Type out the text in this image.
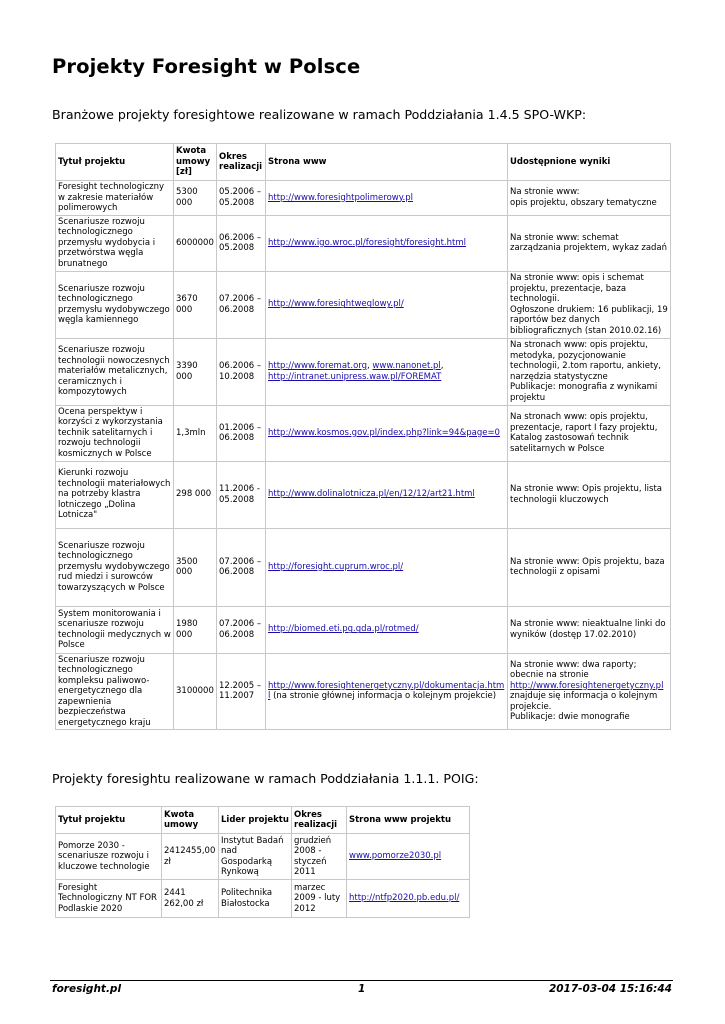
Projekty Foresight w Polsce
Branżowe projekty foresightowe realizowane w ramach Poddziałania 1.4.5 SPO-WKP:
Tytuł projektu	Kwota umowy [zł]	Okres realizacji	Strona www	Udostępnione wyniki
Foresight technologiczny w zakresie materiałów polimerowych	5300 000	05.2006 – 05.2008	http://www.foresightpolimerowy.pl	Na stronie www:
opis projektu, obszary tematyczne
Scenariusze rozwoju technologicznego przemysłu wydobycia i przetwórstwa węgla brunatnego	6000000	06.2006 – 05.2008	http://www.igo.wroc.pl/foresight/foresight.html	Na stronie www: schemat zarządzania projektem, wykaz zadań
Scenariusze rozwoju technologicznego przemysłu wydobywczego węgla kamiennego	3670 000	07.2006 – 06.2008	http://www.foresightweglowy.pl/	Na stronie www: opis i schemat projektu, prezentacje, baza technologii.
Ogłoszone drukiem: 16 publikacji, 19 raportów bez danych bibliograficznych (stan 2010.02.16)
Scenariusze rozwoju technologii nowoczesnych materiałów metalicznych, ceramicznych i kompozytowych	3390 000	06.2006 – 10.2008	http://www.foremat.org, www.nanonet.pl, http://intranet.unipress.waw.pl/FOREMAT	Na stronach www: opis projektu, metodyka, pozycjonowanie technologii, 2.tom raportu, ankiety, narzędzia statystyczne
Publikacje: monografia z wynikami projektu
Ocena perspektyw i korzyści z wykorzystania technik satelitarnych i rozwoju technologii kosmicznych w Polsce	1,3mln	01.2006 – 06.2008	http://www.kosmos.gov.pl/index.php?link=94&page=0	Na stronach www: opis projektu, prezentacje, raport I fazy projektu, Katalog zastosowań technik satelitarnych w Polsce
Kierunki rozwoju technologii materiałowych na potrzeby klastra lotniczego „Dolina Lotnicza"	298 000	11.2006 - 05.2008	http://www.dolinalotnicza.pl/en/12/12/art21.html	Na stronie www: Opis projektu, lista technologii kluczowych
Scenariusze rozwoju technologicznego przemysłu wydobywczego rud miedzi i surowców towarzyszących w Polsce	3500 000	07.2006 – 06.2008	http://foresight.cuprum.wroc.pl/	Na stronie www: Opis projektu, baza technologii z opisami
System monitorowania i scenariusze rozwoju technologii medycznych w Polsce	1980 000	07.2006 – 06.2008	http://biomed.eti.pg.gda.pl/rotmed/	Na stronie www: nieaktualne linki do wyników (dostęp 17.02.2010)
Scenariusze rozwoju technologicznego kompleksu paliwowo-energetycznego dla zapewnienia bezpieczeństwa energetycznego kraju	3100000	12.2005 – 11.2007	http://www.foresightenergetyczny.pl/dokumentacja.html (na stronie głównej informacja o kolejnym projekcie)	Na stronie www: dwa raporty;
obecnie na stronie http://www.foresightenergetyczny.pl znajduje się informacja o kolejnym projekcie.
Publikacje: dwie monografie
Projekty foresightu realizowane w ramach Poddziałania 1.1.1. POIG:
Tytuł projektu	Kwota umowy	Lider projektu	Okres realizacji	Strona www projektu
Pomorze 2030 - scenariusze rozwoju i kluczowe technologie	2412455,00 zł	Instytut Badań nad Gospodarką Rynkową	grudzień 2008 - styczeń 2011	www.pomorze2030.pl
Foresight Technologiczny NT FOR Podlaskie 2020	2441 262,00 zł	Politechnika Białostocka	marzec 2009 - luty 2012	http://ntfp2020.pb.edu.pl/
foresight.pl	1	2017-03-04 15:16:44
